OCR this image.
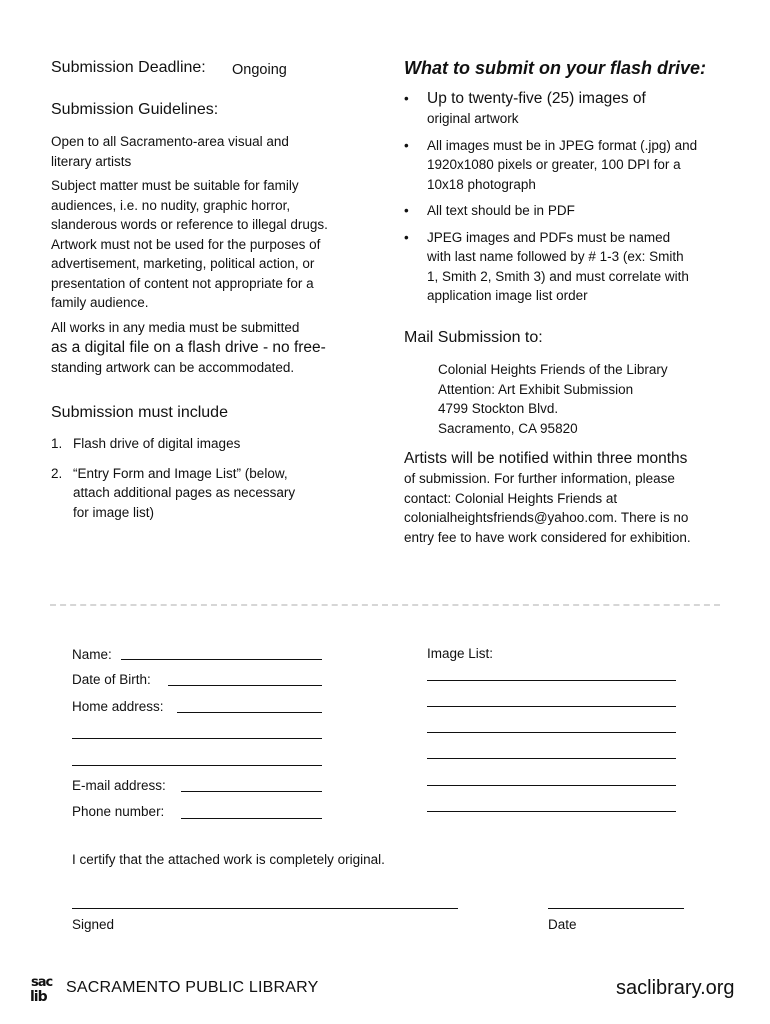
Submission Deadline: Ongoing
Submission Guidelines:
Open to all Sacramento-area visual and literary artists
Subject matter must be suitable for family audiences, i.e. no nudity, graphic horror, slanderous words or reference to illegal drugs. Artwork must not be used for the purposes of advertisement, marketing, political action, or presentation of content not appropriate for a family audience.
All works in any media must be submitted
as a digital file on a flash drive - no free-
standing artwork can be accommodated.
Submission must include
1. Flash drive of digital images
2. “Entry Form and Image List” (below, attach additional pages as necessary for image list)
What to submit on your flash drive:
• Up to twenty-five (25) images of
original artwork
• All images must be in JPEG format (.jpg) and 1920x1080 pixels or greater, 100 DPI for a 10x18 photograph
• All text should be in PDF
• JPEG images and PDFs must be named with last name followed by # 1-3 (ex: Smith 1, Smith 2, Smith 3) and must correlate with application image list order
Mail Submission to:
Colonial Heights Friends of the Library
Attention: Art Exhibit Submission
4799 Stockton Blvd.
Sacramento, CA 95820
Artists will be notified within three months
of submission. For further information, please contact: Colonial Heights Friends at colonialheightsfriends@yahoo.com. There is no entry fee to have work considered for exhibition.
Name:
Date of Birth:
Home address:
E-mail address:
Phone number:
Image List:
I certify that the attached work is completely original.
Signed	Date
sac
lib
SACRAMENTO PUBLIC LIBRARY	saclibrary.org
